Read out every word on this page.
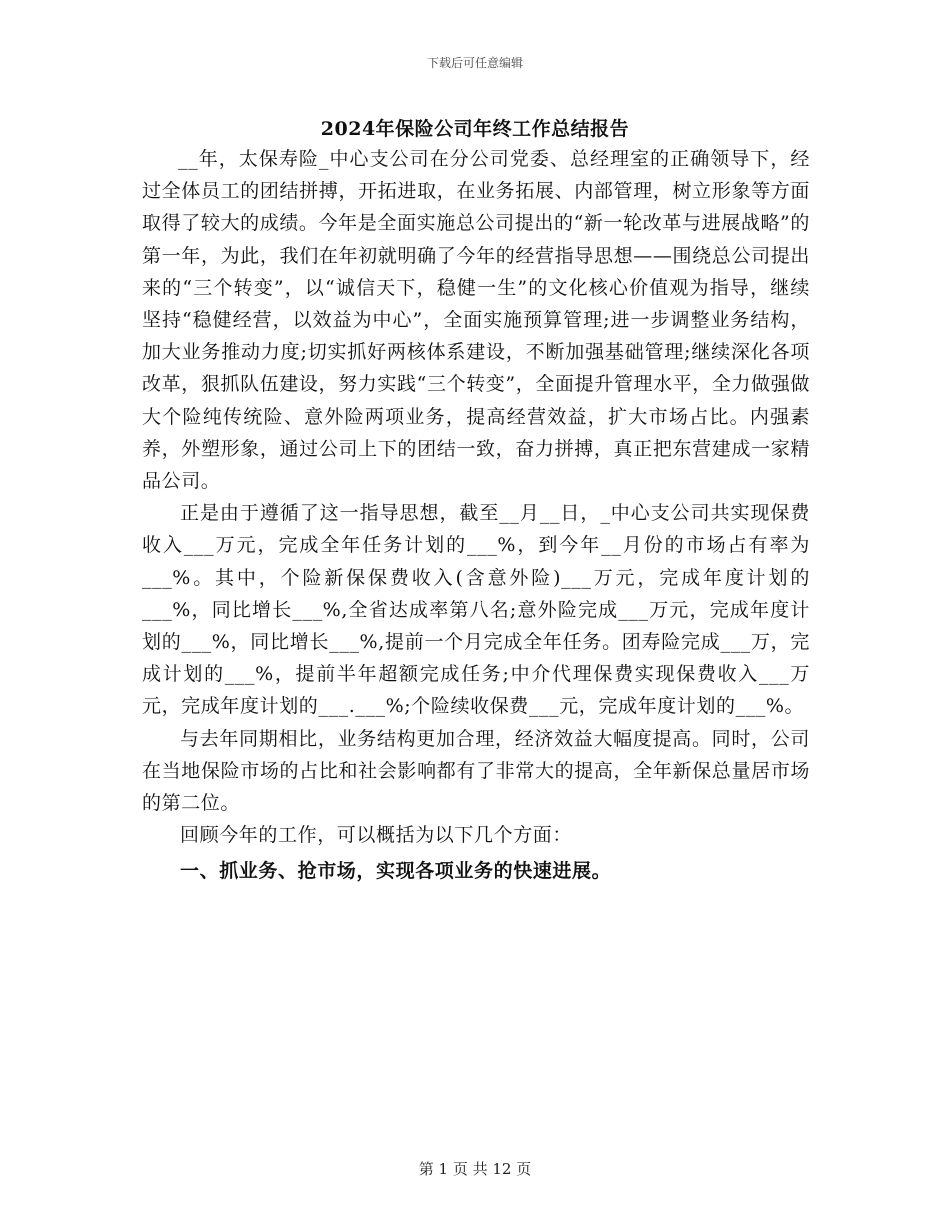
下载后可任意编辑
2024年保险公司年终工作总结报告

__年，太保寿险_中心支公司在分公司党委、总经理室的正确领导下，经过全体员工的团结拼搏，开拓进取，在业务拓展、内部管理，树立形象等方面取得了较大的成绩。今年是全面实施总公司提出的“新一轮改革与进展战略”的第一年，为此，我们在年初就明确了今年的经营指导思想——围绕总公司提出来的“三个转变”，以“诚信天下，稳健一生”的文化核心价值观为指导，继续坚持“稳健经营，以效益为中心”，全面实施预算管理;进一步调整业务结构，加大业务推动力度;切实抓好两核体系建设，不断加强基础管理;继续深化各项改革，狠抓队伍建设，努力实践“三个转变”，全面提升管理水平，全力做强做大个险纯传统险、意外险两项业务，提高经营效益，扩大市场占比。内强素养，外塑形象，通过公司上下的团结一致，奋力拼搏，真正把东营建成一家精品公司。

正是由于遵循了这一指导思想，截至__月__日，_中心支公司共实现保费收入___万元，完成全年任务计划的___%，到今年__月份的市场占有率为___%。其中，个险新保保费收入(含意外险)___万元，完成年度计划的___%，同比增长___%,全省达成率第八名;意外险完成___万元，完成年度计划的___%，同比增长___%,提前一个月完成全年任务。团寿险完成___万，完成计划的___%，提前半年超额完成任务;中介代理保费实现保费收入___万元，完成年度计划的___.___%;个险续收保费___元，完成年度计划的___%。

与去年同期相比，业务结构更加合理，经济效益大幅度提高。同时，公司在当地保险市场的占比和社会影响都有了非常大的提高，全年新保总量居市场的第二位。

回顾今年的工作，可以概括为以下几个方面：

一、抓业务、抢市场，实现各项业务的快速进展。

第 1 页 共 12 页
